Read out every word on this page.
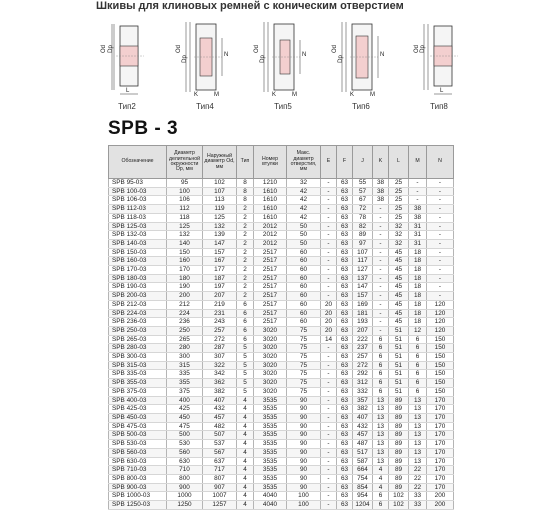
Шкивы для клиновых ремней с коническим отверстием
Od Dp
L
Тип2
Od
Dp
N
K	M
Тип4
Od
Dp
N
K	M
Тип5
Od
Dp
N
K	M
Тип6
Od Dp
L
Тип8
SPB - 3
Обозначение	Диаметр делительной окружности Dp, мм	Наружный диаметр Od, мм	Тип	Номер втулки	Макс. диаметр отверстия, мм	E	F	J	K	L	M	N
SPB 95-03	95	102	8	1210	32	-	63	55	38	25	-	-
SPB 100-03	100	107	8	1610	42	-	63	57	38	25	-	-
SPB 106-03	106	113	8	1610	42	-	63	67	38	25	-	-
SPB 112-03	112	119	2	1610	42	-	63	72	-	25	38	-
SPB 118-03	118	125	2	1610	42	-	63	78	-	25	38	-
SPB 125-03	125	132	2	2012	50	-	63	82	-	32	31	-
SPB 132-03	132	139	2	2012	50	-	63	89	-	32	31	-
SPB 140-03	140	147	2	2012	50	-	63	97	-	32	31	-
SPB 150-03	150	157	2	2517	60	-	63	107	-	45	18	-
SPB 160-03	160	167	2	2517	60	-	63	117	-	45	18	-
SPB 170-03	170	177	2	2517	60	-	63	127	-	45	18	-
SPB 180-03	180	187	2	2517	60	-	63	137	-	45	18	-
SPB 190-03	190	197	2	2517	60	-	63	147	-	45	18	-
SPB 200-03	200	207	2	2517	60	-	63	157	-	45	18	-
SPB 212-03	212	219	6	2517	60	20	63	169	-	45	18	120
SPB 224-03	224	231	6	2517	60	20	63	181	-	45	18	120
SPB 236-03	236	243	6	2517	60	20	63	193	-	45	18	120
SPB 250-03	250	257	6	3020	75	20	63	207	-	51	12	120
SPB 265-03	265	272	6	3020	75	14	63	222	6	51	6	150
SPB 280-03	280	287	5	3020	75	-	63	237	6	51	6	150
SPB 300-03	300	307	5	3020	75	-	63	257	6	51	6	150
SPB 315-03	315	322	5	3020	75	-	63	272	6	51	6	150
SPB 335-03	335	342	5	3020	75	-	63	292	6	51	6	150
SPB 355-03	355	362	5	3020	75	-	63	312	6	51	6	150
SPB 375-03	375	382	5	3020	75	-	63	332	6	51	6	150
SPB 400-03	400	407	4	3535	90	-	63	357	13	89	13	170
SPB 425-03	425	432	4	3535	90	-	63	382	13	89	13	170
SPB 450-03	450	457	4	3535	90	-	63	407	13	89	13	170
SPB 475-03	475	482	4	3535	90	-	63	432	13	89	13	170
SPB 500-03	500	507	4	3535	90	-	63	457	13	89	13	170
SPB 530-03	530	537	4	3535	90	-	63	487	13	89	13	170
SPB 560-03	560	567	4	3535	90	-	63	517	13	89	13	170
SPB 630-03	630	637	4	3535	90	-	63	587	13	89	13	170
SPB 710-03	710	717	4	3535	90	-	63	664	4	89	22	170
SPB 800-03	800	807	4	3535	90	-	63	754	4	89	22	170
SPB 900-03	900	907	4	3535	90	-	63	854	4	89	22	170
SPB 1000-03	1000	1007	4	4040	100	-	63	954	6	102	33	200
SPB 1250-03	1250	1257	4	4040	100	-	63	1204	6	102	33	200
